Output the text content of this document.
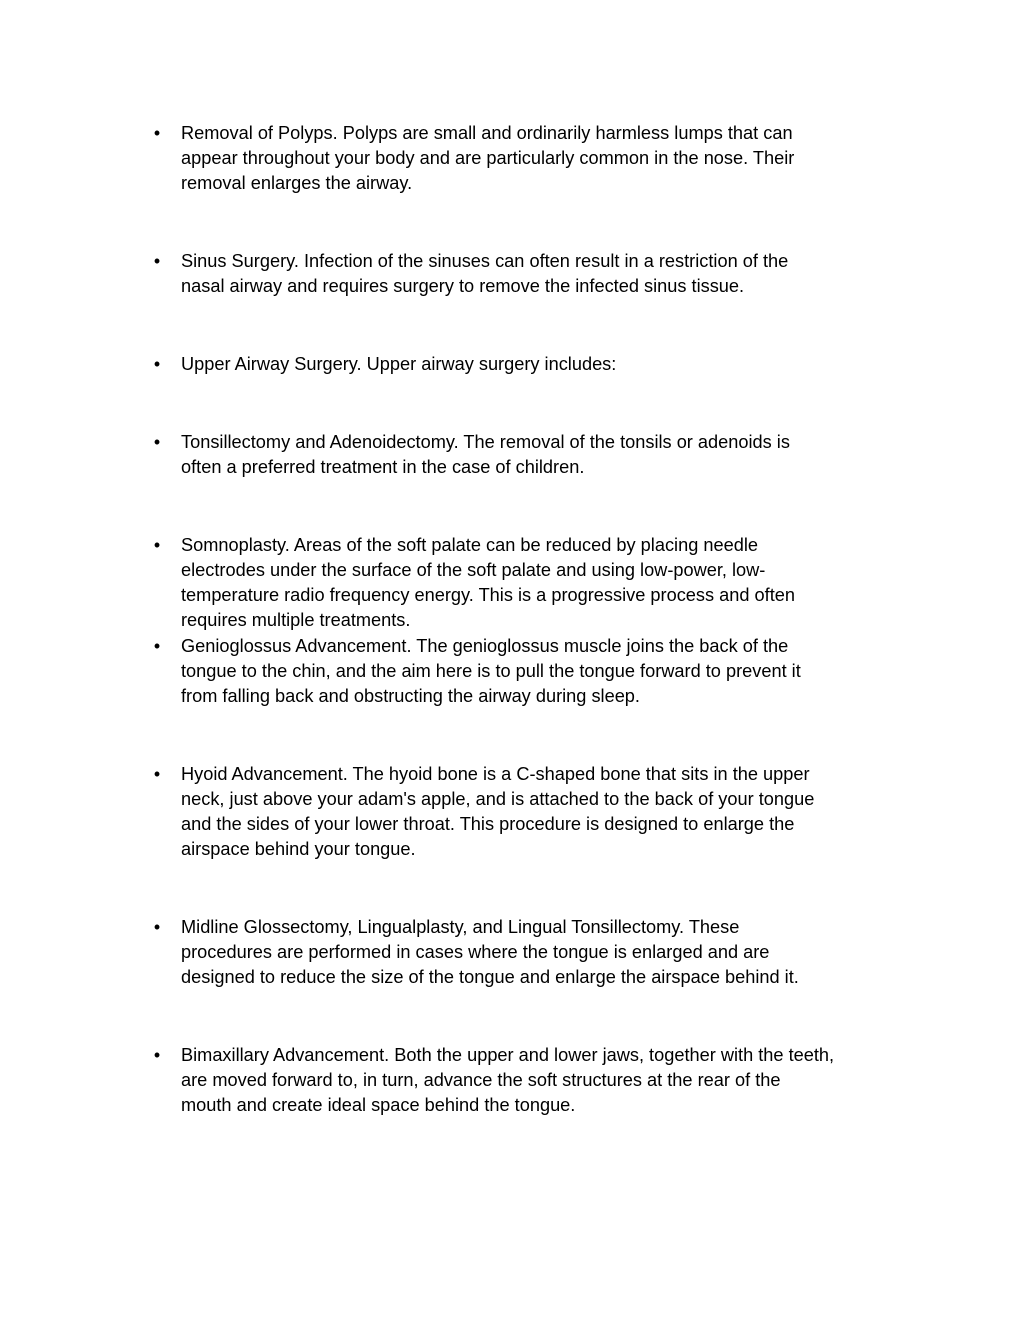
•	Removal of Polyps. Polyps are small and ordinarily harmless lumps that can
appear throughout your body and are particularly common in the nose. Their
removal enlarges the airway.
•	Sinus Surgery. Infection of the sinuses can often result in a restriction of the
nasal airway and requires surgery to remove the infected sinus tissue.
•	Upper Airway Surgery. Upper airway surgery includes:
•	Tonsillectomy and Adenoidectomy. The removal of the tonsils or adenoids is
often a preferred treatment in the case of children.
•	Somnoplasty. Areas of the soft palate can be reduced by placing needle
electrodes under the surface of the soft palate and using low-power, low-
temperature radio frequency energy. This is a progressive process and often
requires multiple treatments.
•	Genioglossus Advancement. The genioglossus muscle joins the back of the
tongue to the chin, and the aim here is to pull the tongue forward to prevent it
from falling back and obstructing the airway during sleep.
•	Hyoid Advancement. The hyoid bone is a C-shaped bone that sits in the upper
neck, just above your adam's apple, and is attached to the back of your tongue
and the sides of your lower throat. This procedure is designed to enlarge the
airspace behind your tongue.
•	Midline Glossectomy, Lingualplasty, and Lingual Tonsillectomy. These
procedures are performed in cases where the tongue is enlarged and are
designed to reduce the size of the tongue and enlarge the airspace behind it.
•	Bimaxillary Advancement. Both the upper and lower jaws, together with the teeth,
are moved forward to, in turn, advance the soft structures at the rear of the
mouth and create ideal space behind the tongue.
